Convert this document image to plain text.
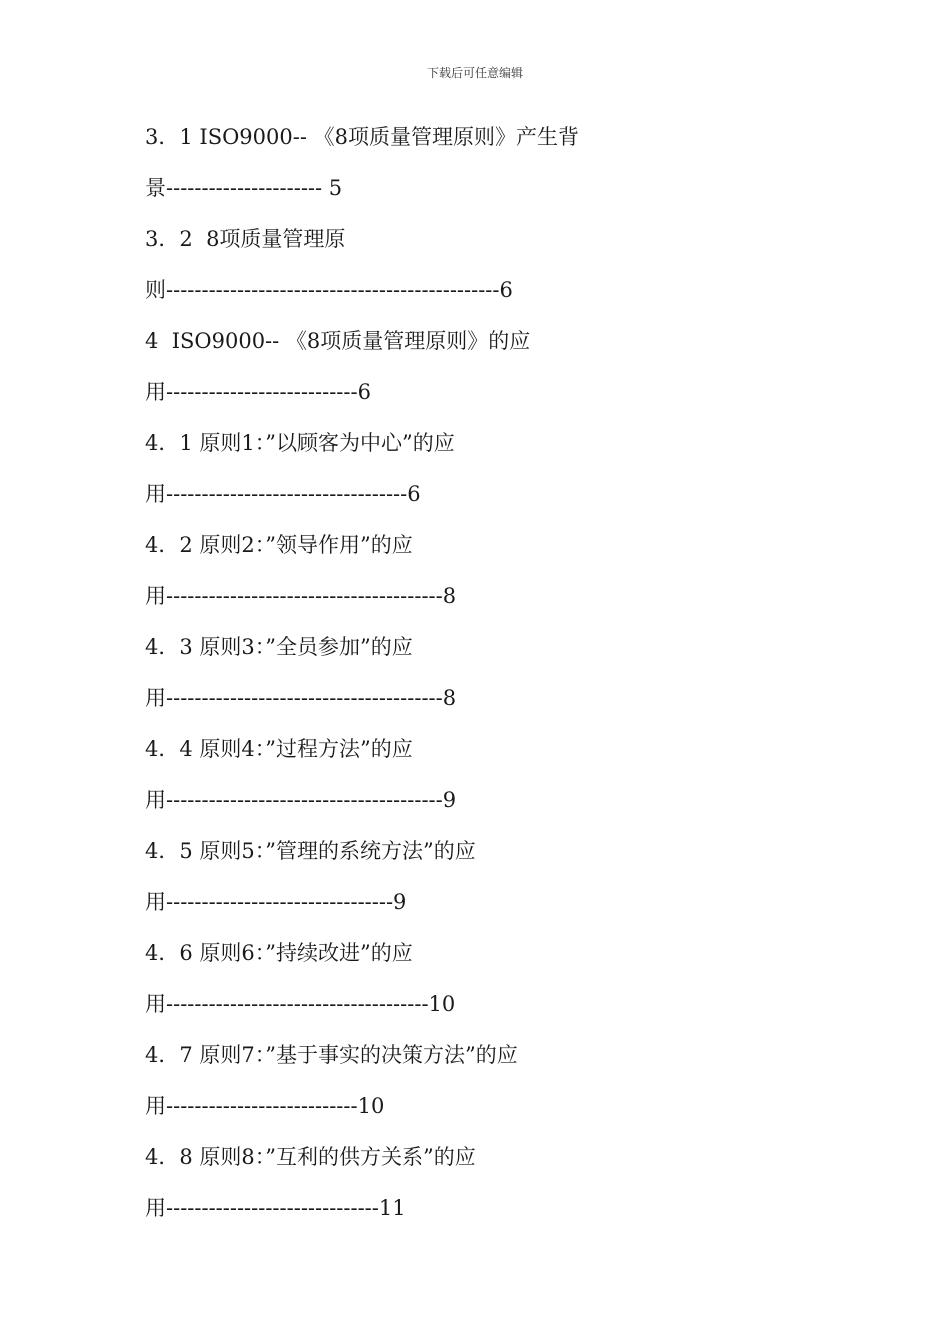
下载后可任意编辑
3．1 ISO9000-- 《8项质量管理原则》产生背
景---------------------- 5
3．2  8项质量管理原
则-----------------------------------------------6
4  ISO9000-- 《8项质量管理原则》的应
用---------------------------6
4．1 原则1：”以顾客为中心”的应
用----------------------------------6
4．2 原则2：”领导作用”的应
用---------------------------------------8
4．3 原则3：”全员参加”的应
用---------------------------------------8
4．4 原则4：”过程方法”的应
用---------------------------------------9
4．5 原则5：”管理的系统方法”的应
用--------------------------------9
4．6 原则6：”持续改进”的应
用-------------------------------------10
4．7 原则7：”基于事实的决策方法”的应
用---------------------------10
4．8 原则8：”互利的供方关系”的应
用------------------------------11
